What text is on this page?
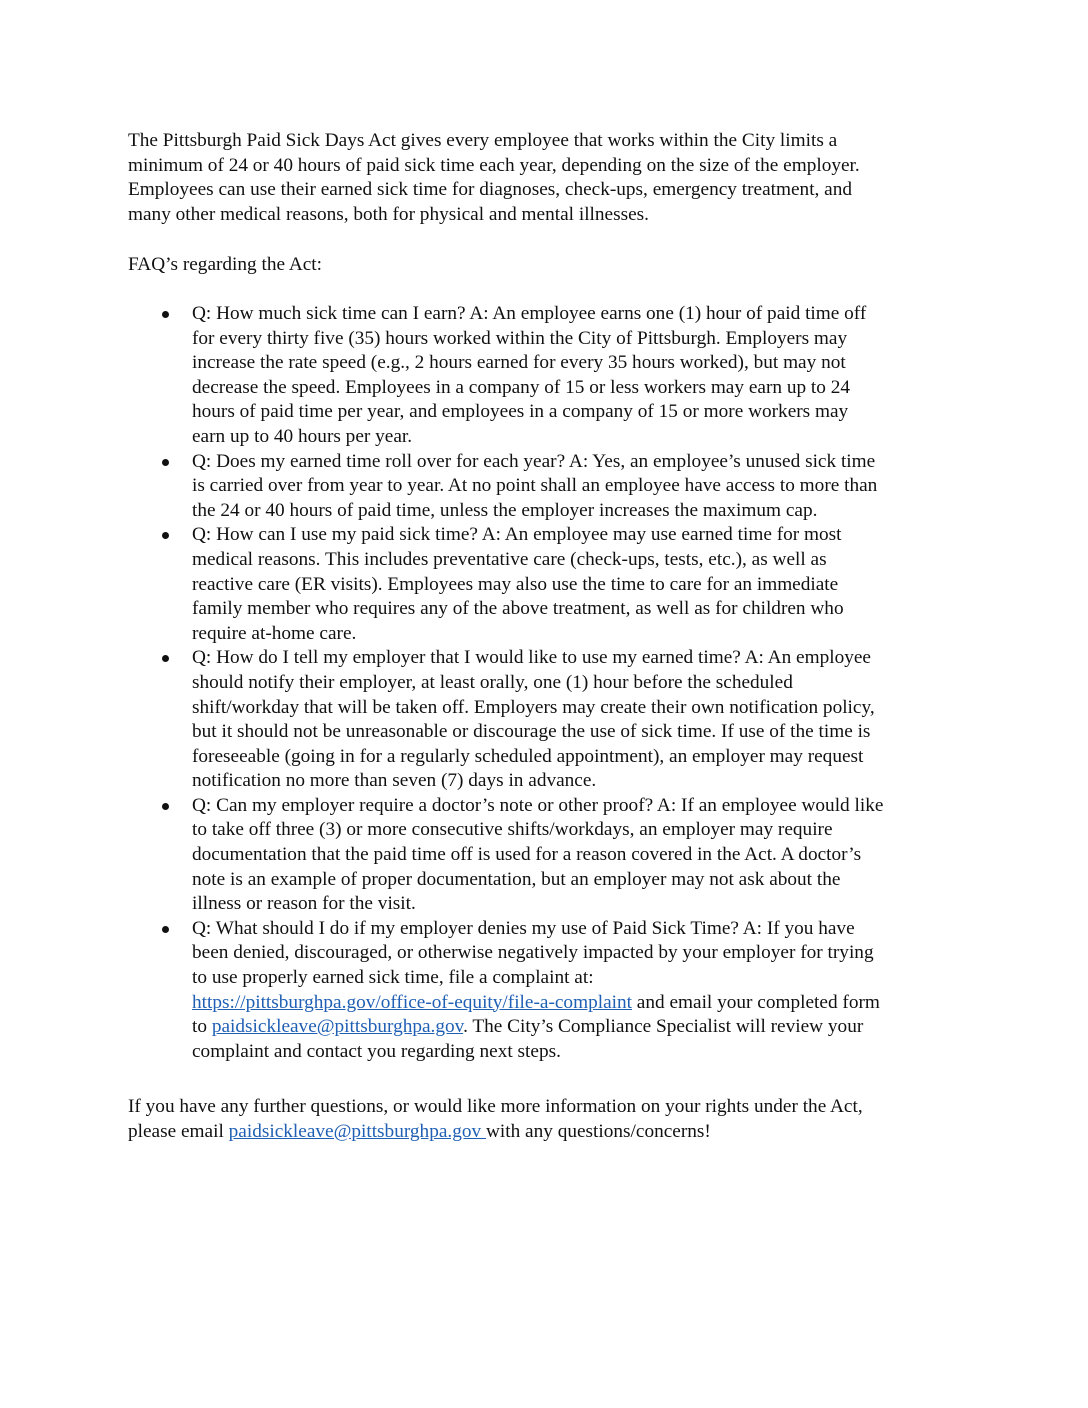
The Pittsburgh Paid Sick Days Act gives every employee that works within the City limits a
minimum of 24 or 40 hours of paid sick time each year, depending on the size of the employer.
Employees can use their earned sick time for diagnoses, check-ups, emergency treatment, and
many other medical reasons, both for physical and mental illnesses.

FAQ’s regarding the Act:

Q: How much sick time can I earn? A: An employee earns one (1) hour of paid time off
for every thirty five (35) hours worked within the City of Pittsburgh. Employers may
increase the rate speed (e.g., 2 hours earned for every 35 hours worked), but may not
decrease the speed. Employees in a company of 15 or less workers may earn up to 24
hours of paid time per year, and employees in a company of 15 or more workers may
earn up to 40 hours per year.
Q: Does my earned time roll over for each year? A: Yes, an employee’s unused sick time
is carried over from year to year. At no point shall an employee have access to more than
the 24 or 40 hours of paid time, unless the employer increases the maximum cap.
Q: How can I use my paid sick time? A: An employee may use earned time for most
medical reasons. This includes preventative care (check-ups, tests, etc.), as well as
reactive care (ER visits). Employees may also use the time to care for an immediate
family member who requires any of the above treatment, as well as for children who
require at-home care.
Q: How do I tell my employer that I would like to use my earned time? A: An employee
should notify their employer, at least orally, one (1) hour before the scheduled
shift/workday that will be taken off. Employers may create their own notification policy,
but it should not be unreasonable or discourage the use of sick time. If use of the time is
foreseeable (going in for a regularly scheduled appointment), an employer may request
notification no more than seven (7) days in advance.
Q: Can my employer require a doctor’s note or other proof? A: If an employee would like
to take off three (3) or more consecutive shifts/workdays, an employer may require
documentation that the paid time off is used for a reason covered in the Act. A doctor’s
note is an example of proper documentation, but an employer may not ask about the
illness or reason for the visit.
Q: What should I do if my employer denies my use of Paid Sick Time? A: If you have
been denied, discouraged, or otherwise negatively impacted by your employer for trying
to use properly earned sick time, file a complaint at:
https://pittsburghpa.gov/office-of-equity/file-a-complaint and email your completed form
to paidsickleave@pittsburghpa.gov. The City’s Compliance Specialist will review your
complaint and contact you regarding next steps.

If you have any further questions, or would like more information on your rights under the Act,
please email paidsickleave@pittsburghpa.gov with any questions/concerns!
